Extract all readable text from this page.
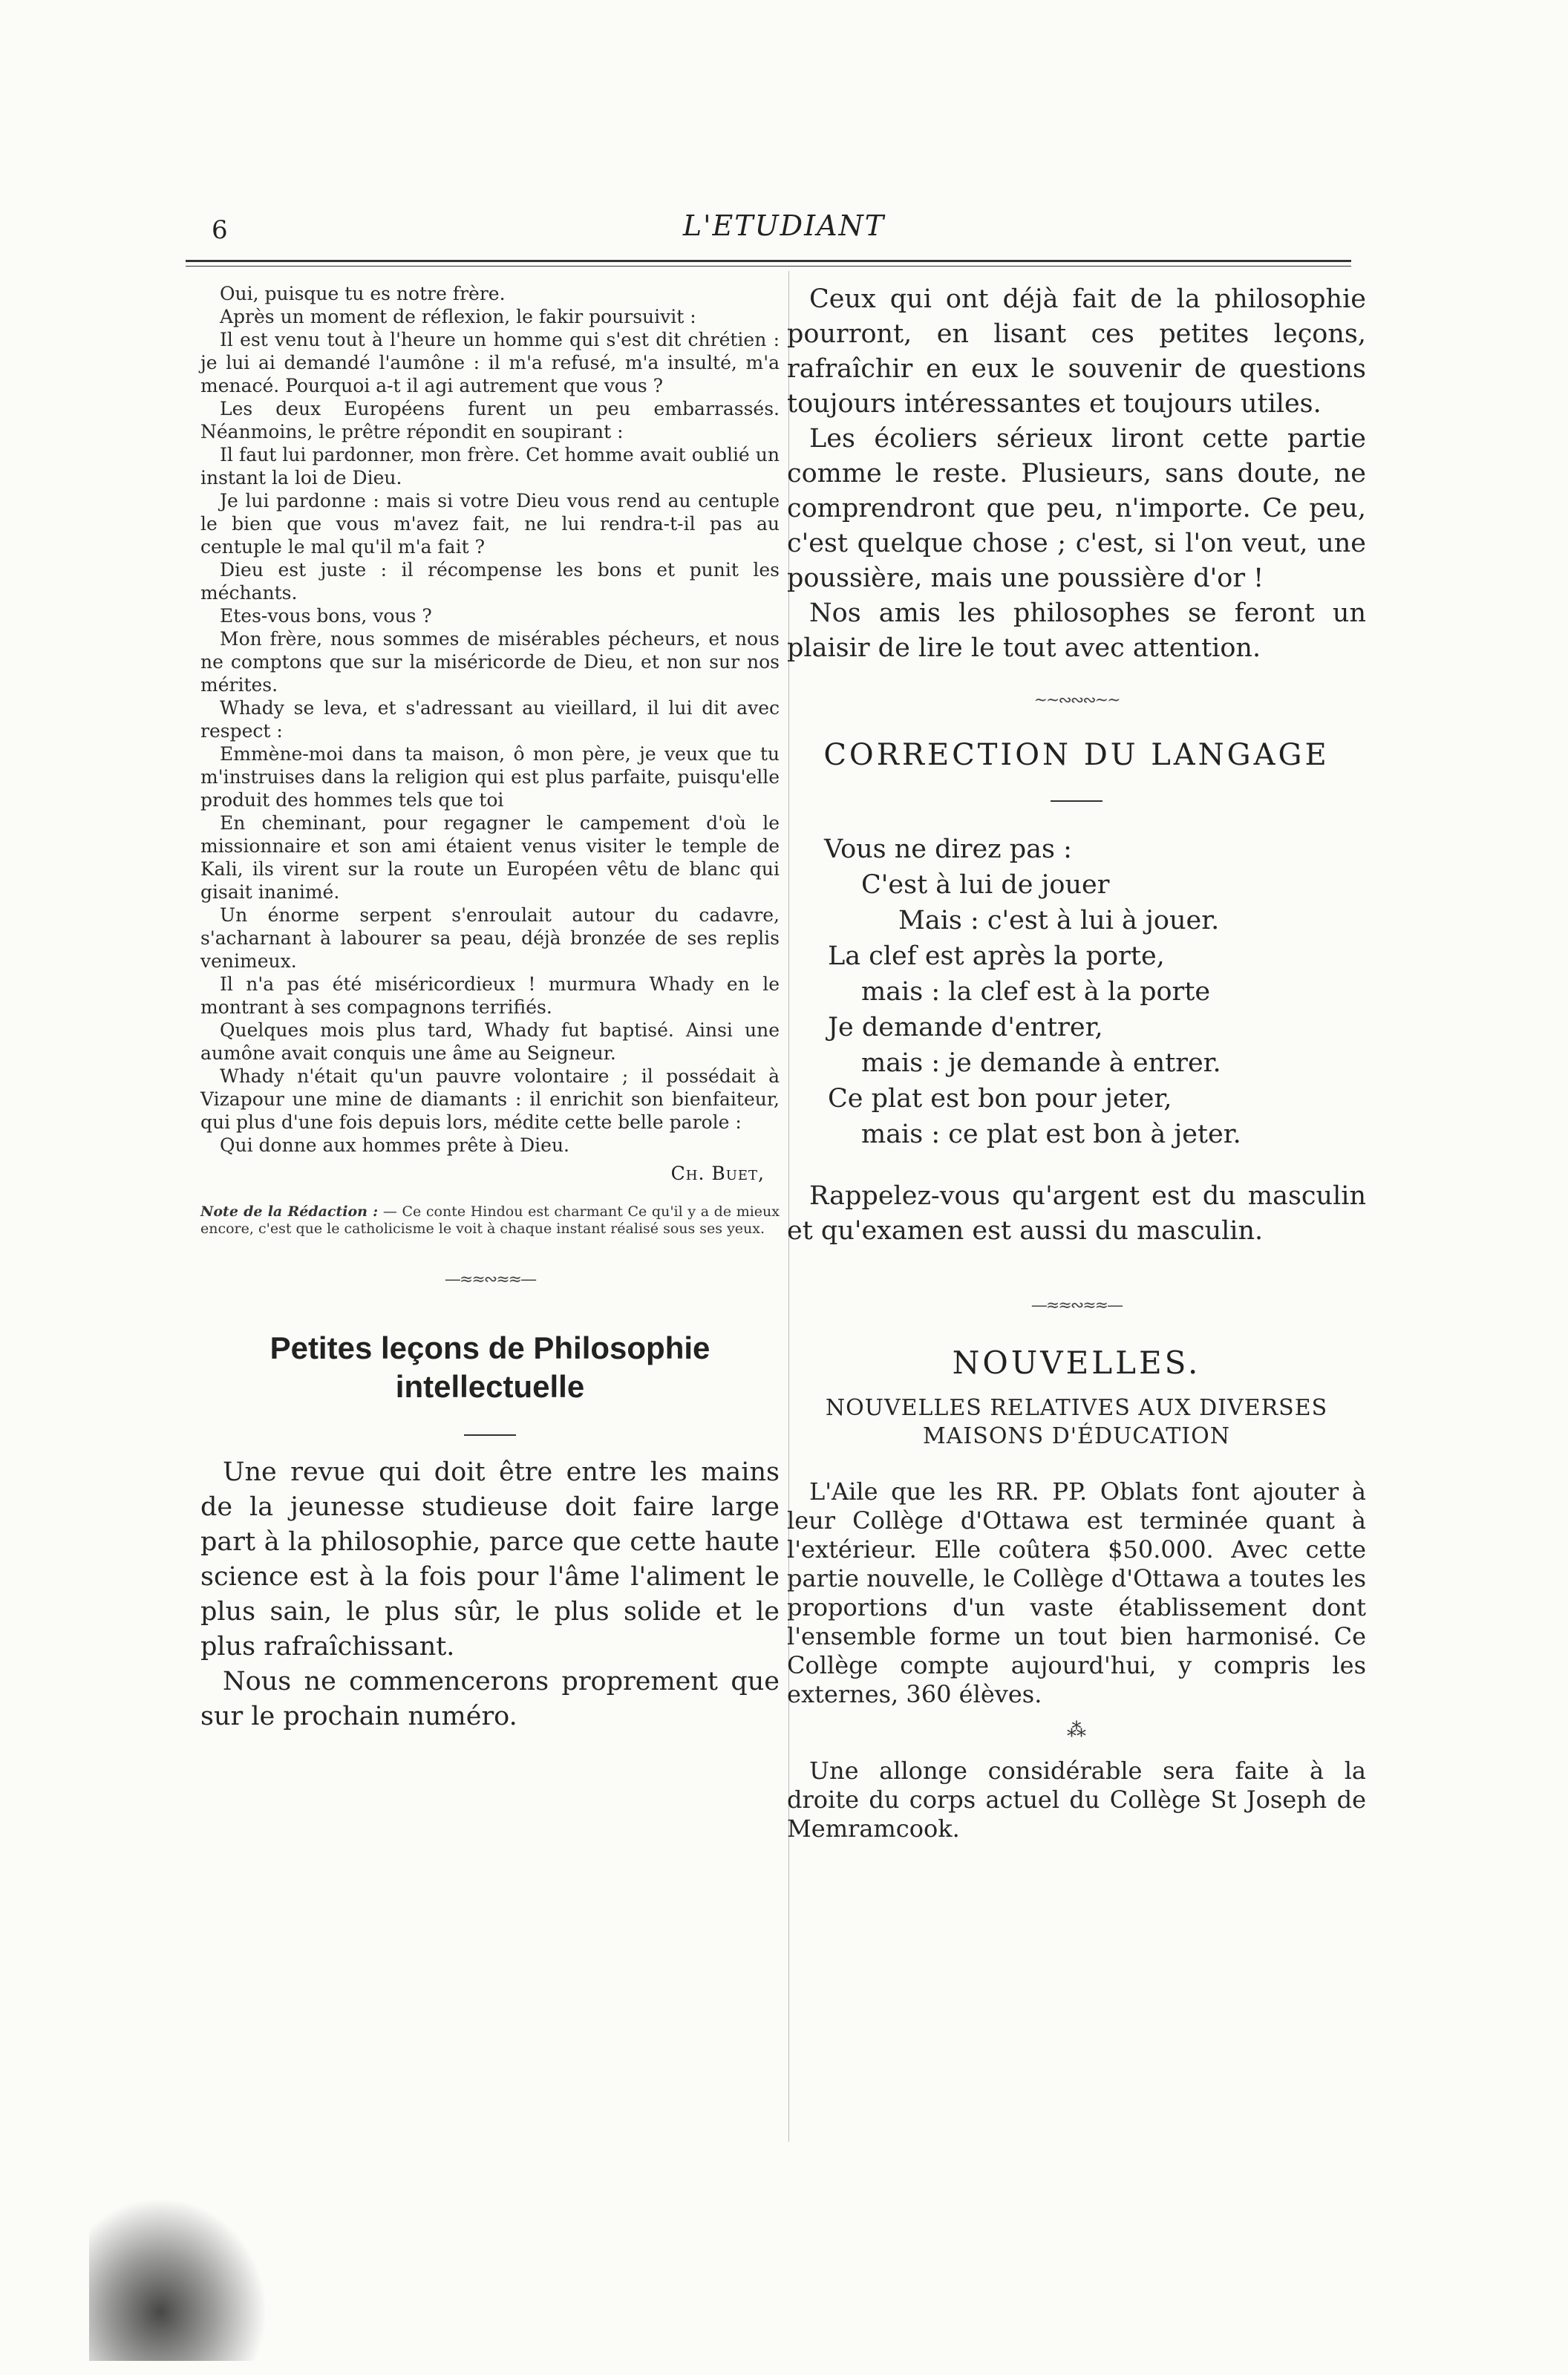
6	L'ETUDIANT

Oui, puisque tu es notre frère.

Après un moment de réflexion, le fakir poursuivit :

Il est venu tout à l'heure un homme qui s'est dit chrétien : je lui ai demandé l'aumône : il m'a refusé, m'a insulté, m'a menacé. Pourquoi a-t il agi autrement que vous ?

Les deux Européens furent un peu embarrassés. Néanmoins, le prêtre répondit en soupirant :

Il faut lui pardonner, mon frère. Cet homme avait oublié un instant la loi de Dieu.

Je lui pardonne : mais si votre Dieu vous rend au centuple le bien que vous m'avez fait, ne lui rendra-t-il pas au centuple le mal qu'il m'a fait ?

Dieu est juste : il récompense les bons et punit les méchants.

Etes-vous bons, vous ?

Mon frère, nous sommes de misérables pécheurs, et nous ne comptons que sur la miséricorde de Dieu, et non sur nos mérites.

Whady se leva, et s'adressant au vieillard, il lui dit avec respect :

Emmène-moi dans ta maison, ô mon père, je veux que tu m'instruises dans la religion qui est plus parfaite, puisqu'elle produit des hommes tels que toi

En cheminant, pour regagner le campement d'où le missionnaire et son ami étaient venus visiter le temple de Kali, ils virent sur la route un Européen vêtu de blanc qui gisait inanimé.

Un énorme serpent s'enroulait autour du cadavre, s'acharnant à labourer sa peau, déjà bronzée de ses replis venimeux.

Il n'a pas été miséricordieux ! murmura Whady en le montrant à ses compagnons terrifiés.

Quelques mois plus tard, Whady fut baptisé. Ainsi une aumône avait conquis une âme au Seigneur.

Whady n'était qu'un pauvre volontaire ; il possédait à Vizapour une mine de diamants : il enrichit son bienfaiteur, qui plus d'une fois depuis lors, médite cette belle parole :

Qui donne aux hommes prête à Dieu.

Ch. Buet,
Note de la Rédaction : — Ce conte Hindou est charmant Ce qu'il y a de mieux encore, c'est que le catholicisme le voit à chaque instant réalisé sous ses yeux.
—≈≈∾≈≈—
Petites leçons de Philosophie intellectuelle

Une revue qui doit être entre les mains de la jeunesse studieuse doit faire large part à la philosophie, parce que cette haute science est à la fois pour l'âme l'aliment le plus sain, le plus sûr, le plus solide et le plus rafraîchissant.

Nous ne commencerons proprement que sur le prochain numéro.

Ceux qui ont déjà fait de la philosophie pourront, en lisant ces petites leçons, rafraîchir en eux le souvenir de questions toujours intéressantes et toujours utiles.

Les écoliers sérieux liront cette partie comme le reste. Plusieurs, sans doute, ne comprendront que peu, n'importe. Ce peu, c'est quelque chose ; c'est, si l'on veut, une poussière, mais une poussière d'or !

Nos amis les philosophes se feront un plaisir de lire le tout avec attention.

~~∾∾∾~~
CORRECTION DU LANGAGE
Vous ne direz pas :
C'est à lui de jouer
Mais : c'est à lui à jouer.
La clef est après la porte,
mais : la clef est à la porte
Je demande d'entrer,
mais : je demande à entrer.
Ce plat est bon pour jeter,
mais : ce plat est bon à jeter.

Rappelez-vous qu'argent est du masculin et qu'examen est aussi du masculin.

—≈≈∾≈≈—
NOUVELLES.
NOUVELLES RELATIVES AUX DIVERSES MAISONS D'ÉDUCATION

L'Aile que les RR. PP. Oblats font ajouter à leur Collège d'Ottawa est terminée quant à l'extérieur. Elle coûtera $50.000. Avec cette partie nouvelle, le Collège d'Ottawa a toutes les proportions d'un vaste établissement dont l'ensemble forme un tout bien harmonisé. Ce Collège compte aujourd'hui, y compris les externes, 360 élèves.

⁂

Une allonge considérable sera faite à la droite du corps actuel du Collège St Joseph de Memramcook.
